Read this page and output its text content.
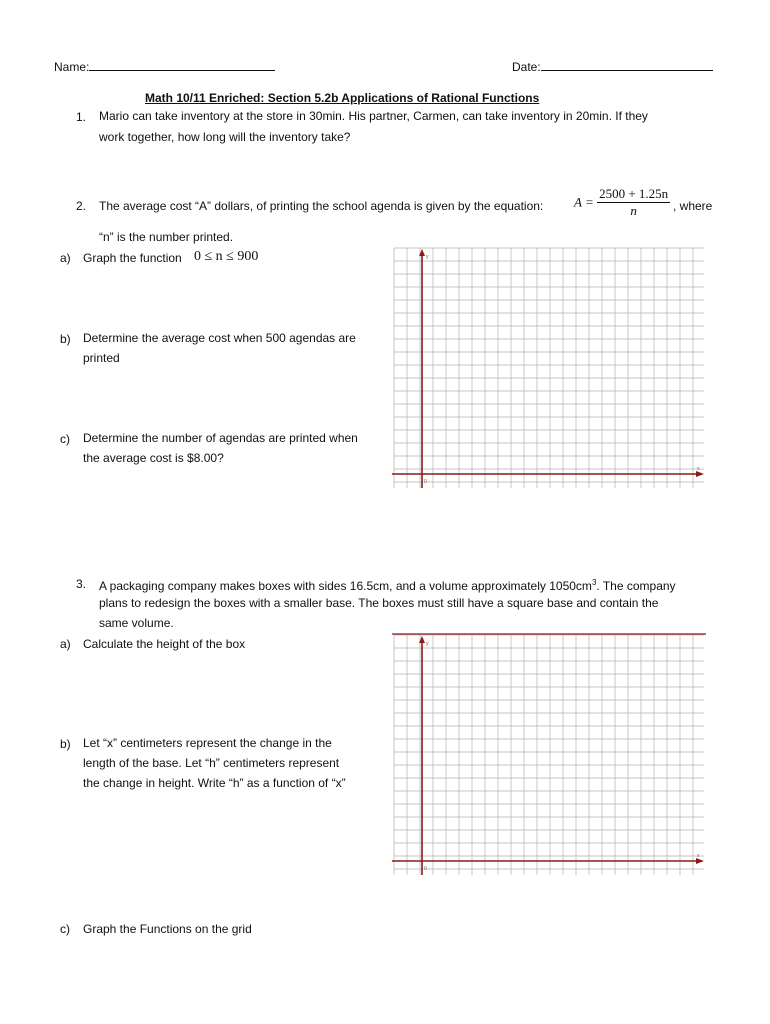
Name:	Date:
Math 10/11 Enriched: Section 5.2b Applications of Rational Functions
1. Mario can take inventory at the store in 30min. His partner, Carmen, can take inventory in 20min. If they
work together, how long will the inventory take?
2. The average cost “A” dollars, of printing the school agenda is given by the equation: $A = \frac{2500 + 1.25n}{n}$ , where
“n” is the number printed.
a) Graph the function 0 ≤ n ≤ 900
b) Determine the average cost when 500 agendas are
printed
c) Determine the number of agendas are printed when
the average cost is $8.00?
y
x
0
3. A packaging company makes boxes with sides 16.5cm, and a volume approximately $1050cm^3$. The company
plans to redesign the boxes with a smaller base. The boxes must still have a square base and contain the
same volume.
a) Calculate the height of the box
b) Let “x” centimeters represent the change in the
length of the base. Let “h” centimeters represent
the change in height. Write “h” as a function of “x”
y
x
0
c) Graph the Functions on the grid
